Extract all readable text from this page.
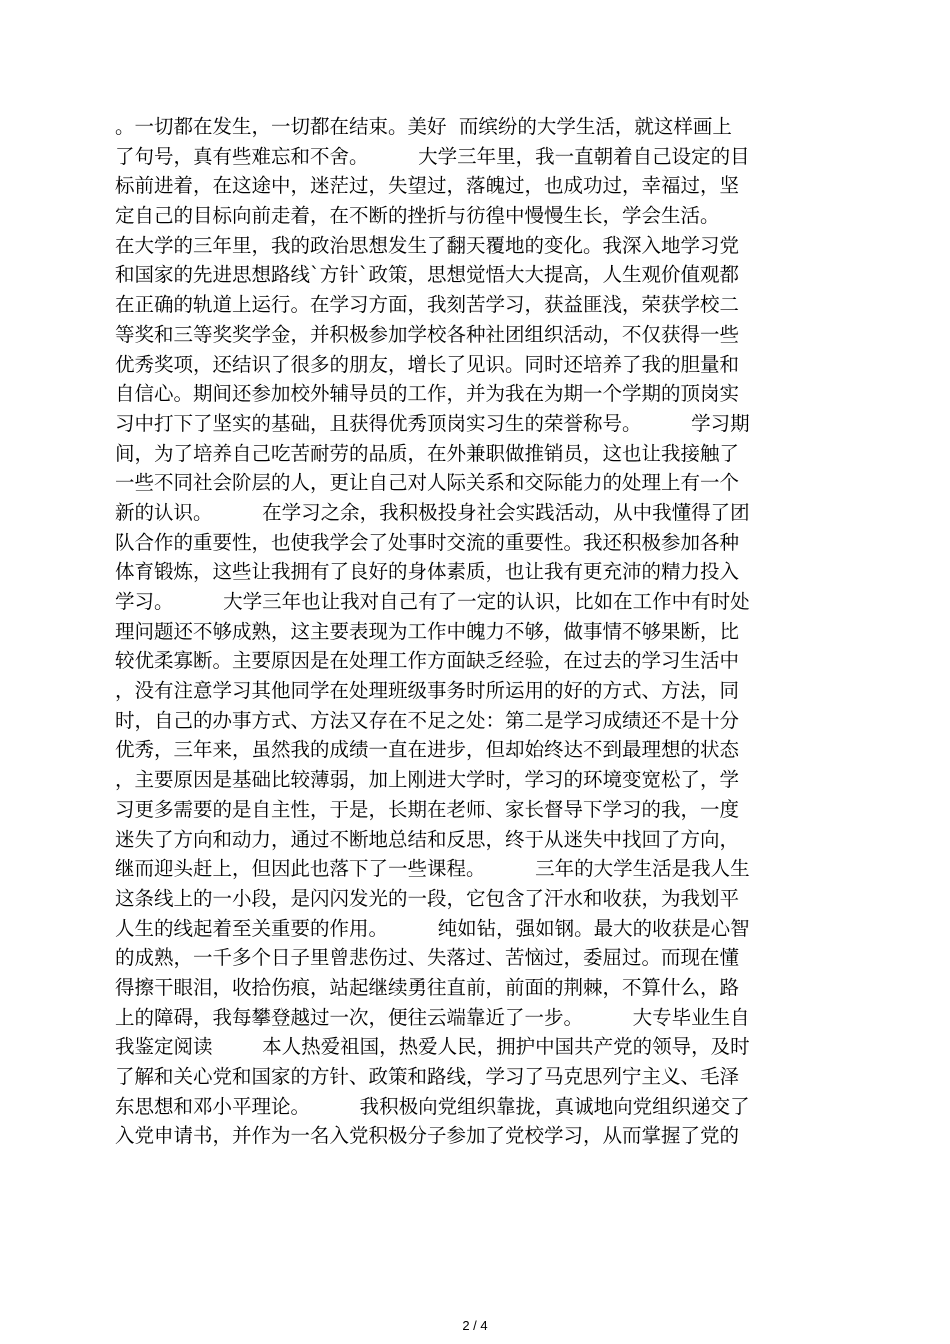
。一切都在发生，一切都在结束。美好  而缤纷的大学生活，就这样画上
了句号，真有些难忘和不舍。        大学三年里，我一直朝着自己设定的目
标前进着，在这途中，迷茫过，失望过，落魄过，也成功过，幸福过，坚
定自己的目标向前走着，在不断的挫折与彷徨中慢慢生长，学会生活。
在大学的三年里，我的政治思想发生了翻天覆地的变化。我深入地学习党
和国家的先进思想路线`方针`政策，思想觉悟大大提高，人生观价值观都
在正确的轨道上运行。在学习方面，我刻苦学习，获益匪浅，荣获学校二
等奖和三等奖奖学金，并积极参加学校各种社团组织活动，不仅获得一些
优秀奖项，还结识了很多的朋友，增长了见识。同时还培养了我的胆量和
自信心。期间还参加校外辅导员的工作，并为我在为期一个学期的顶岗实
习中打下了坚实的基础，且获得优秀顶岗实习生的荣誉称号。        学习期
间，为了培养自己吃苦耐劳的品质，在外兼职做推销员，这也让我接触了
一些不同社会阶层的人，更让自己对人际关系和交际能力的处理上有一个
新的认识。        在学习之余，我积极投身社会实践活动，从中我懂得了团
队合作的重要性，也使我学会了处事时交流的重要性。我还积极参加各种
体育锻炼，这些让我拥有了良好的身体素质，也让我有更充沛的精力投入
学习。        大学三年也让我对自己有了一定的认识，比如在工作中有时处
理问题还不够成熟，这主要表现为工作中魄力不够，做事情不够果断，比
较优柔寡断。主要原因是在处理工作方面缺乏经验，在过去的学习生活中
，没有注意学习其他同学在处理班级事务时所运用的好的方式、方法，同
时，自己的办事方式、方法又存在不足之处：第二是学习成绩还不是十分
优秀，三年来，虽然我的成绩一直在进步，但却始终达不到最理想的状态
，主要原因是基础比较薄弱，加上刚进大学时，学习的环境变宽松了，学
习更多需要的是自主性，于是，长期在老师、家长督导下学习的我，一度
迷失了方向和动力，通过不断地总结和反思，终于从迷失中找回了方向，
继而迎头赶上，但因此也落下了一些课程。        三年的大学生活是我人生
这条线上的一小段，是闪闪发光的一段，它包含了汗水和收获，为我划平
人生的线起着至关重要的作用。        纯如钻，强如钢。最大的收获是心智
的成熟，一千多个日子里曾悲伤过、失落过、苦恼过，委屈过。而现在懂
得擦干眼泪，收拾伤痕，站起继续勇往直前，前面的荆棘，不算什么，路
上的障碍，我每攀登越过一次，便往云端靠近了一步。        大专毕业生自
我鉴定阅读        本人热爱祖国，热爱人民，拥护中国共产党的领导，及时
了解和关心党和国家的方针、政策和路线，学习了马克思列宁主义、毛泽
东思想和邓小平理论。        我积极向党组织靠拢，真诚地向党组织递交了
入党申请书，并作为一名入党积极分子参加了党校学习，从而掌握了党的
2 / 4
